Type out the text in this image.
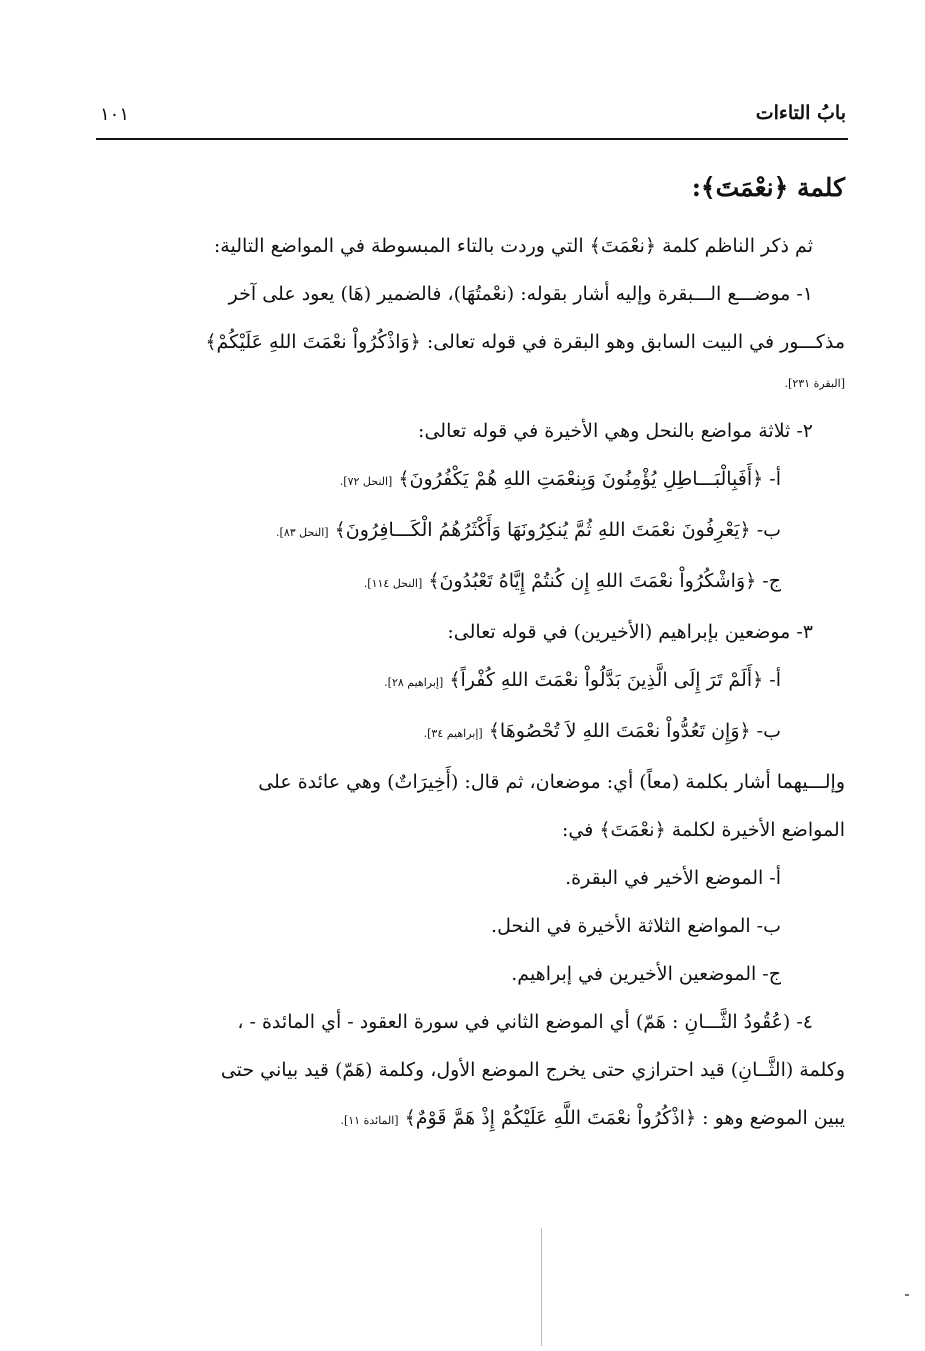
بابُ التاءات
١٠١

كلمة ﴿نعْمَتَ﴾:

ثم ذكر الناظم كلمة ﴿نعْمَتَ﴾ التي وردت بالتاء المبسوطة في المواضع التالية:

١- موضـــع الـــبقرة وإليه أشار بقوله: (نعْمتُهَا)، فالضمير (هَا) يعود على آخر

مذكـــور في البيت السابق وهو البقرة في قوله تعالى: ﴿وَاذْكُرُواْ نعْمَتَ اللهِ عَلَيْكُمْ﴾

[البقرة ٢٣١].

٢- ثلاثة مواضع بالنحل وهي الأخيرة في قوله تعالى:

أ- ﴿أَفَبِالْبَـــاطِلِ يُؤْمِنُونَ وَبِنعْمَتِ اللهِ هُمْ يَكْفُرُونَ﴾ [النحل ٧٢].

ب- ﴿يَعْرِفُونَ نعْمَتَ اللهِ ثُمَّ يُنكِرُونَهَا وَأَكْثَرُهُمُ الْكَـــافِرُونَ﴾ [النحل ٨٣].

ج- ﴿وَاشْكُرُواْ نعْمَتَ اللهِ إِن كُنتُمْ إِيَّاهُ تَعْبُدُونَ﴾ [النحل ١١٤].

٣- موضعين بإبراهيم (الأخيرين) في قوله تعالى:

أ- ﴿أَلَمْ تَرَ إِلَى الَّذِينَ بَدَّلُواْ نعْمَتَ اللهِ كُفْراً﴾ [إبراهيم ٢٨].

ب- ﴿وَإِن تَعُدُّواْ نعْمَتَ اللهِ لاَ تُحْصُوهَا﴾ [إبراهيم ٣٤].

وإلـــيهما أشار بكلمة (معاً) أي: موضعان، ثم قال: (أَخِيرَاتٌ) وهي عائدة على

المواضع الأخيرة لكلمة ﴿نعْمَتَ﴾ في:

أ- الموضع الأخير في البقرة.

ب- المواضع الثلاثة الأخيرة في النحل.

ج- الموضعين الأخيرين في إبراهيم.

٤- (عُقُودُ الثَّـــانِ : هَمّ) أي الموضع الثاني في سورة العقود - أي المائدة - ،

وكلمة (الثَّــانِ) قيد احترازي حتى يخرج الموضع الأول، وكلمة (هَمّ) قيد بياني حتى

يبين الموضع وهو : ﴿اذْكُرُواْ نعْمَتَ اللَّهِ عَلَيْكُمْ إِذْ هَمَّ قَوْمٌ﴾ [المائدة ١١].
